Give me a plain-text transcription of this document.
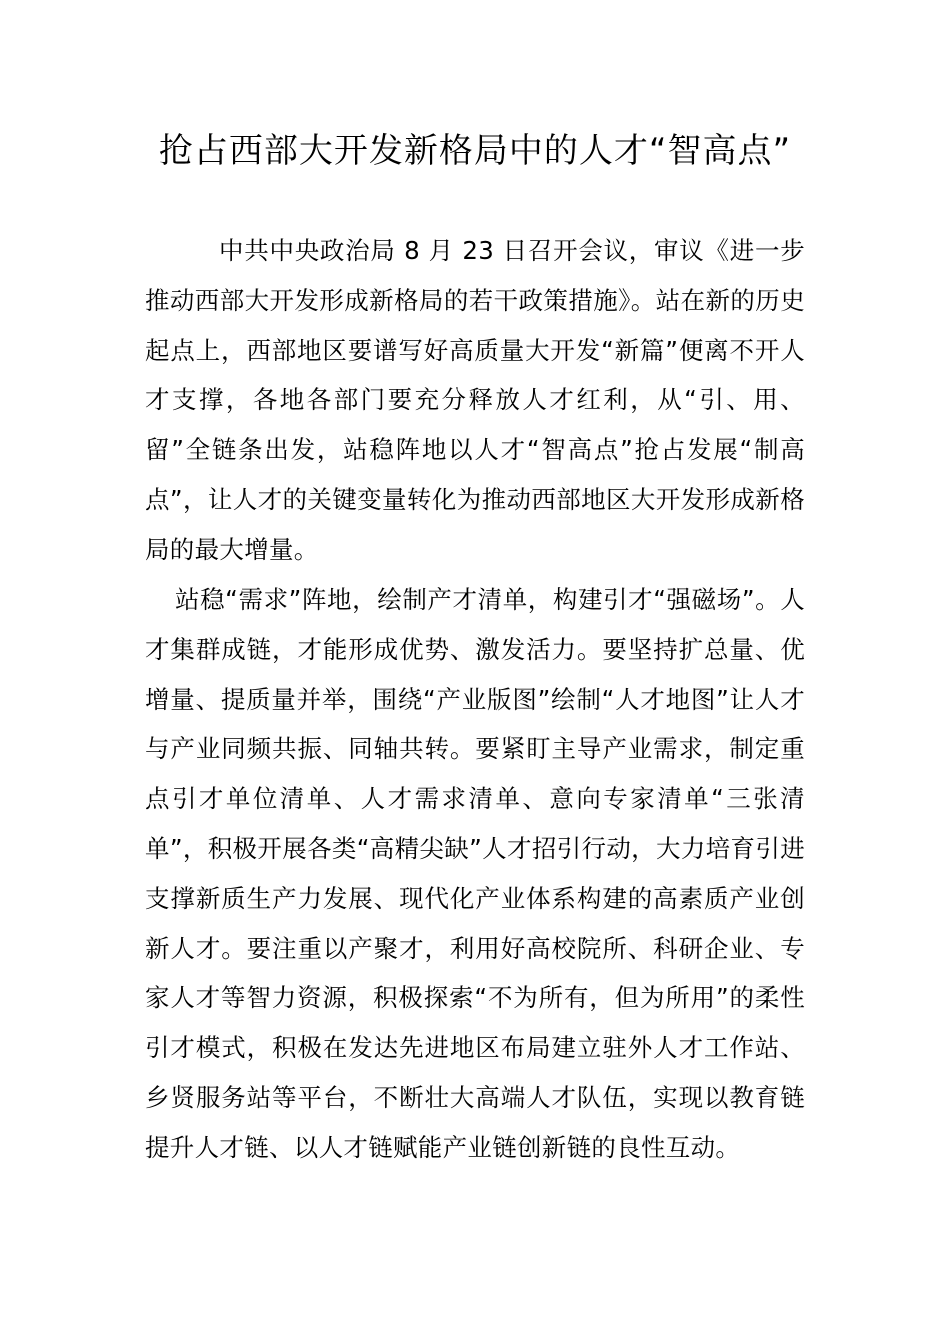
抢占西部大开发新格局中的人才“智高点”

中共中央政治局 8 月 23 日召开会议，审议《进一步推动西部大开发形成新格局的若干政策措施》。站在新的历史起点上，西部地区要谱写好高质量大开发“新篇”便离不开人才支撑，各地各部门要充分释放人才红利，从“引、用、留”全链条出发，站稳阵地以人才“智高点”抢占发展“制高点”，让人才的关键变量转化为推动西部地区大开发形成新格局的最大增量。

站稳“需求”阵地，绘制产才清单，构建引才“强磁场”。人才集群成链，才能形成优势、激发活力。要坚持扩总量、优增量、提质量并举，围绕“产业版图”绘制“人才地图”让人才与产业同频共振、同轴共转。要紧盯主导产业需求，制定重点引才单位清单、人才需求清单、意向专家清单“三张清单”，积极开展各类“高精尖缺”人才招引行动，大力培育引进支撑新质生产力发展、现代化产业体系构建的高素质产业创新人才。要注重以产聚才，利用好高校院所、科研企业、专家人才等智力资源，积极探索“不为所有，但为所用”的柔性引才模式，积极在发达先进地区布局建立驻外人才工作站、乡贤服务站等平台，不断壮大高端人才队伍，实现以教育链提升人才链、以人才链赋能产业链创新链的良性互动。
